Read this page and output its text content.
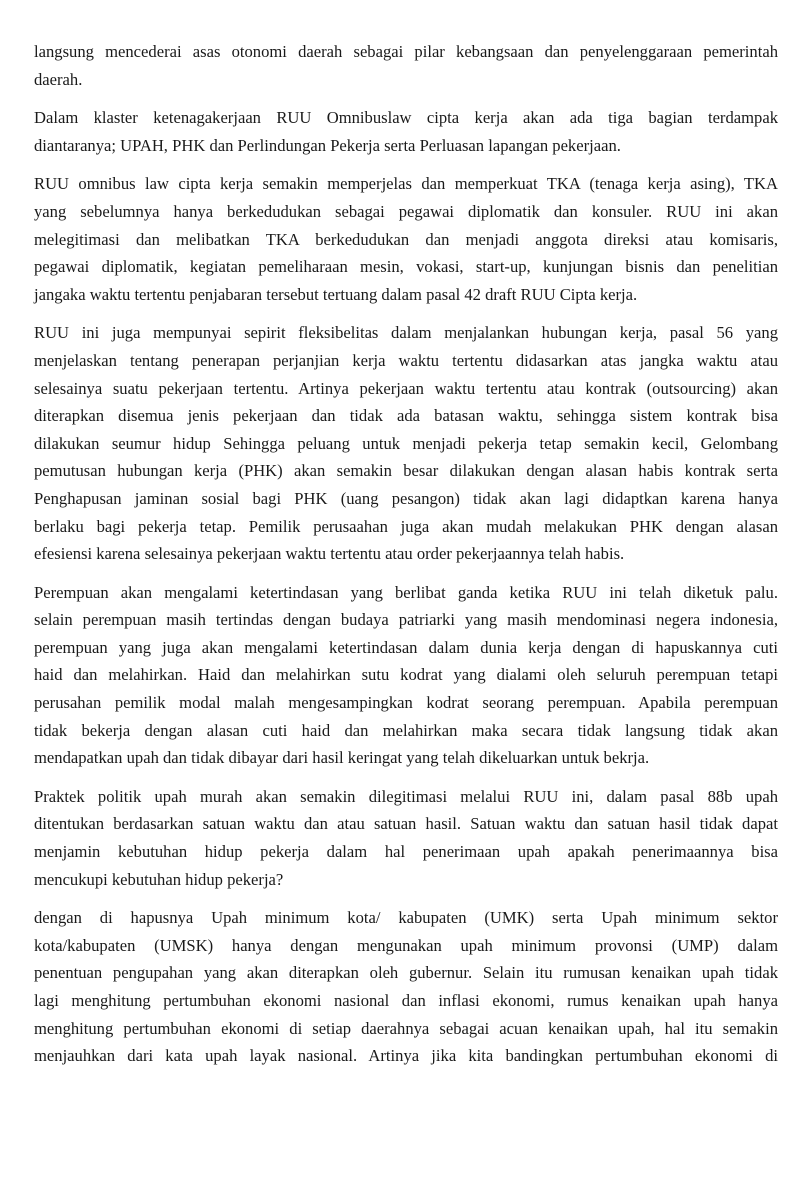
langsung mencederai asas otonomi daerah sebagai pilar kebangsaan dan penyelenggaraan pemerintah
daerah.

Dalam klaster ketenagakerjaan RUU Omnibuslaw cipta kerja akan ada tiga bagian terdampak
diantaranya; UPAH, PHK dan Perlindungan Pekerja serta Perluasan lapangan pekerjaan.

RUU omnibus law cipta kerja semakin memperjelas dan memperkuat TKA (tenaga kerja asing), TKA
yang sebelumnya hanya berkedudukan sebagai pegawai diplomatik dan konsuler. RUU ini akan
melegitimasi dan melibatkan TKA berkedudukan dan menjadi anggota direksi atau komisaris,
pegawai diplomatik, kegiatan pemeliharaan mesin, vokasi, start-up, kunjungan bisnis dan penelitian
jangaka waktu tertentu penjabaran tersebut tertuang dalam pasal 42 draft RUU Cipta kerja.

RUU ini juga mempunyai sepirit fleksibelitas dalam menjalankan hubungan kerja, pasal 56 yang
menjelaskan tentang penerapan perjanjian kerja waktu tertentu didasarkan atas jangka waktu atau
selesainya suatu pekerjaan tertentu. Artinya pekerjaan waktu tertentu atau kontrak (outsourcing) akan
diterapkan disemua jenis pekerjaan dan tidak ada batasan waktu, sehingga sistem kontrak bisa
dilakukan seumur hidup Sehingga peluang untuk menjadi pekerja tetap semakin kecil, Gelombang
pemutusan hubungan kerja (PHK) akan semakin besar dilakukan dengan alasan habis kontrak serta
Penghapusan jaminan sosial bagi PHK (uang pesangon) tidak akan lagi didaptkan karena hanya
berlaku bagi pekerja tetap. Pemilik perusaahan juga akan mudah melakukan PHK dengan alasan
efesiensi karena selesainya pekerjaan waktu tertentu atau order pekerjaannya telah habis.

Perempuan akan mengalami ketertindasan yang berlibat ganda ketika RUU ini telah diketuk palu.
selain perempuan masih tertindas dengan budaya patriarki yang masih mendominasi negera indonesia,
perempuan yang juga akan mengalami ketertindasan dalam dunia kerja dengan di hapuskannya cuti
haid dan melahirkan. Haid dan melahirkan sutu kodrat yang dialami oleh seluruh perempuan tetapi
perusahan pemilik modal malah mengesampingkan kodrat seorang perempuan. Apabila perempuan
tidak bekerja dengan alasan cuti haid dan melahirkan maka secara tidak langsung tidak akan
mendapatkan upah dan tidak dibayar dari hasil keringat yang telah dikeluarkan untuk bekrja.

Praktek politik upah murah akan semakin dilegitimasi melalui RUU ini, dalam pasal 88b upah
ditentukan berdasarkan satuan waktu dan atau satuan hasil. Satuan waktu dan satuan hasil tidak dapat
menjamin kebutuhan hidup pekerja dalam hal penerimaan upah apakah penerimaannya bisa
mencukupi kebutuhan hidup pekerja?

dengan di hapusnya Upah minimum kota/ kabupaten (UMK) serta Upah minimum sektor
kota/kabupaten (UMSK) hanya dengan mengunakan upah minimum provonsi (UMP) dalam
penentuan pengupahan yang akan diterapkan oleh gubernur. Selain itu rumusan kenaikan upah tidak
lagi menghitung pertumbuhan ekonomi nasional dan inflasi ekonomi, rumus kenaikan upah hanya
menghitung pertumbuhan ekonomi di setiap daerahnya sebagai acuan kenaikan upah, hal itu semakin
menjauhkan dari kata upah layak nasional. Artinya jika kita bandingkan pertumbuhan ekonomi di
